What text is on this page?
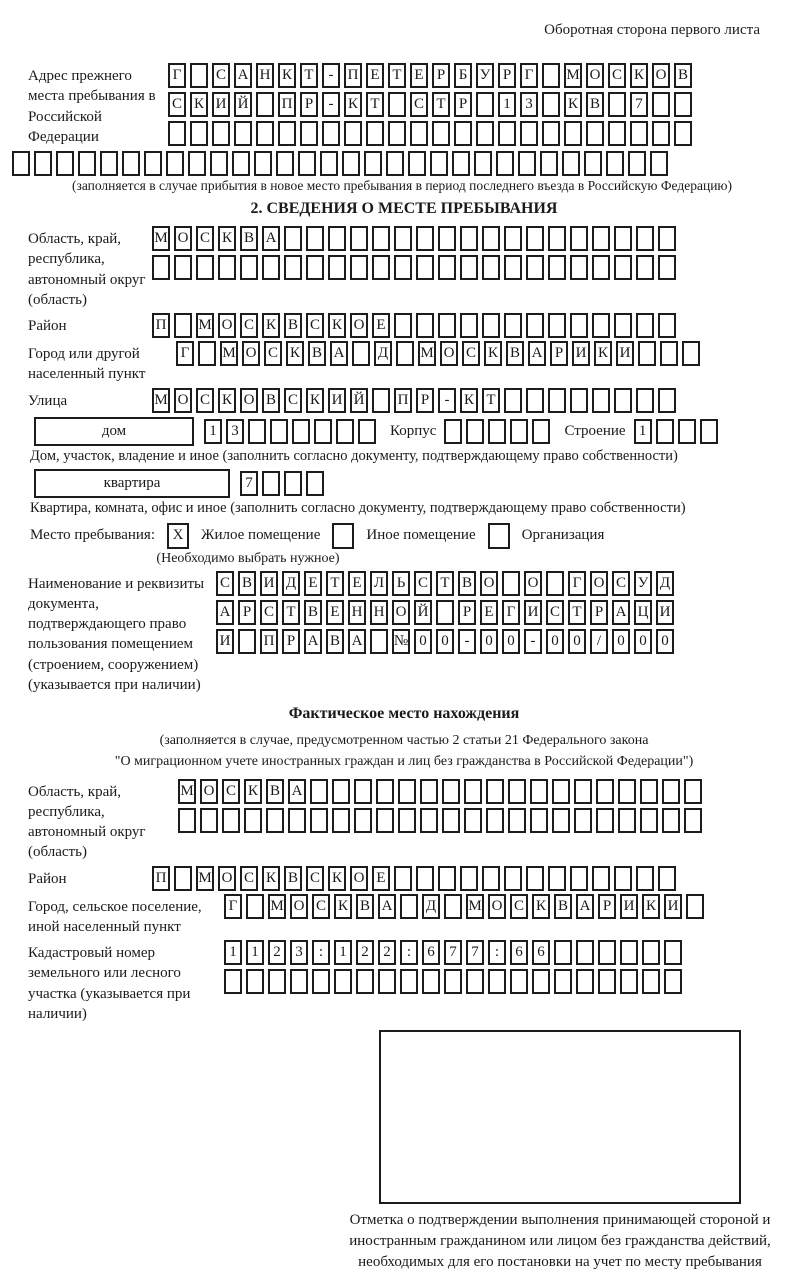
Оборотная сторона первого листа
Адрес прежнего места пребывания в Российской Федерации
Г	С А Н К Т - П Е Т Е Р Б У Р Г	М О С К О В
С К И Й П Р	- К Т С Т Р	1 3	К В	7
(заполняется в случае прибытия в новое место пребывания в период последнего въезда в Российскую Федерацию)
2. СВЕДЕНИЯ О МЕСТЕ ПРЕБЫВАНИЯ
Область, край, республика, автономный округ (область)
М О С К В А
Район	П М О С К В С К О Е
Город или другой населенный пункт
Г	М О С К В А Д М О С К В А Р И К И
Улица	М О С К О В С К И Й П Р	- К Т
дом	1 3	Корпус	Строение 1
Дом, участок, владение и иное (заполнить согласно документу, подтверждающему право собственности)
квартира	7
Квартира, комната, офис и иное (заполнить согласно документу, подтверждающему право собственности)
Место пребывания:	X	Жилое помещение	Иное помещение	Организация
(Необходимо выбрать нужное)
Наименование и реквизиты документа, подтверждающего право пользования помещением (строением, сооружением) (указывается при наличии)
С В И Д Е Т Е Л Ь С Т В О О	Г О С У Д
А Р С Т В Е Н Н О Й	Р Е Г И С Т Р А Ц И
И П Р А В А № 0 0	-	0 0	-	0 0	/	0 0 0
Фактическое место нахождения
(заполняется в случае, предусмотренном частью 2 статьи 21 Федерального закона
"О миграционном учете иностранных граждан и лиц без гражданства в Российской Федерации")
Область, край, республика, автономный округ (область)
М О С К В А
Район	П М О С К В С К О Е
Город, сельское поселение, иной населенный пункт
Г	М О С К В А Д М О С К В А Р И К И
Кадастровый номер земельного или лесного участка (указывается при наличии)
1 1 2 3	:	1 2 2	:	6 7 7	:	6 6
Отметка о подтверждении выполнения принимающей стороной и иностранным гражданином или лицом без гражданства действий, необходимых для его постановки на учет по месту пребывания
